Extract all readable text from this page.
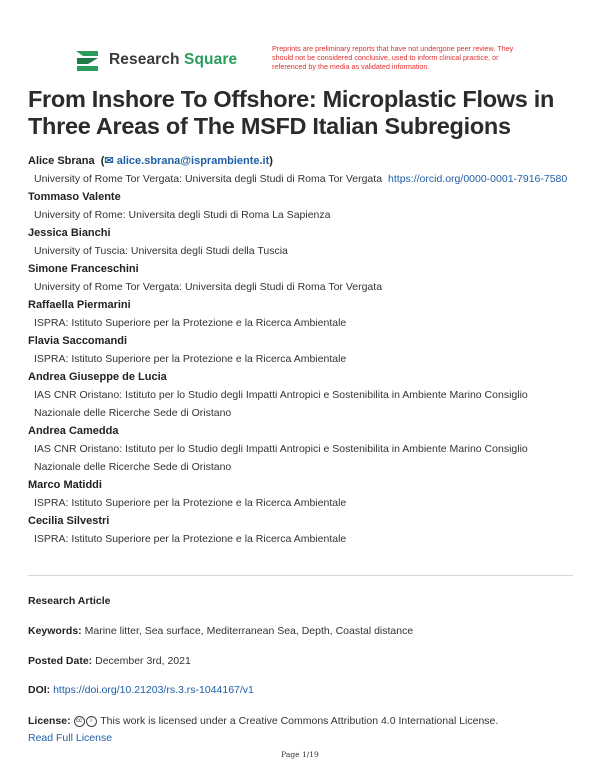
Research Square
Preprints are preliminary reports that have not undergone peer review. They should not be considered conclusive, used to inform clinical practice, or referenced by the media as validated information.
From Inshore To Offshore: Microplastic Flows in Three Areas of The MSFD Italian Subregions
Alice Sbrana  (✉ alice.sbrana@isprambiente.it)
University of Rome Tor Vergata: Universita degli Studi di Roma Tor Vergata https://orcid.org/0000-0001-7916-7580
Tommaso Valente
University of Rome: Universita degli Studi di Roma La Sapienza
Jessica Bianchi
University of Tuscia: Universita degli Studi della Tuscia
Simone Franceschini
University of Rome Tor Vergata: Universita degli Studi di Roma Tor Vergata
Raffaella Piermarini
ISPRA: Istituto Superiore per la Protezione e la Ricerca Ambientale
Flavia Saccomandi
ISPRA: Istituto Superiore per la Protezione e la Ricerca Ambientale
Andrea Giuseppe de Lucia
IAS CNR Oristano: Istituto per lo Studio degli Impatti Antropici e Sostenibilita in Ambiente Marino Consiglio Nazionale delle Ricerche Sede di Oristano
Andrea Camedda
IAS CNR Oristano: Istituto per lo Studio degli Impatti Antropici e Sostenibilita in Ambiente Marino Consiglio Nazionale delle Ricerche Sede di Oristano
Marco Matiddi
ISPRA: Istituto Superiore per la Protezione e la Ricerca Ambientale
Cecilia Silvestri
ISPRA: Istituto Superiore per la Protezione e la Ricerca Ambientale
Research Article
Keywords: Marine litter, Sea surface, Mediterranean Sea, Depth, Coastal distance
Posted Date: December 3rd, 2021
DOI: https://doi.org/10.21203/rs.3.rs-1044167/v1
License: cc i This work is licensed under a Creative Commons Attribution 4.0 International License.
Read Full License
Page 1/19
